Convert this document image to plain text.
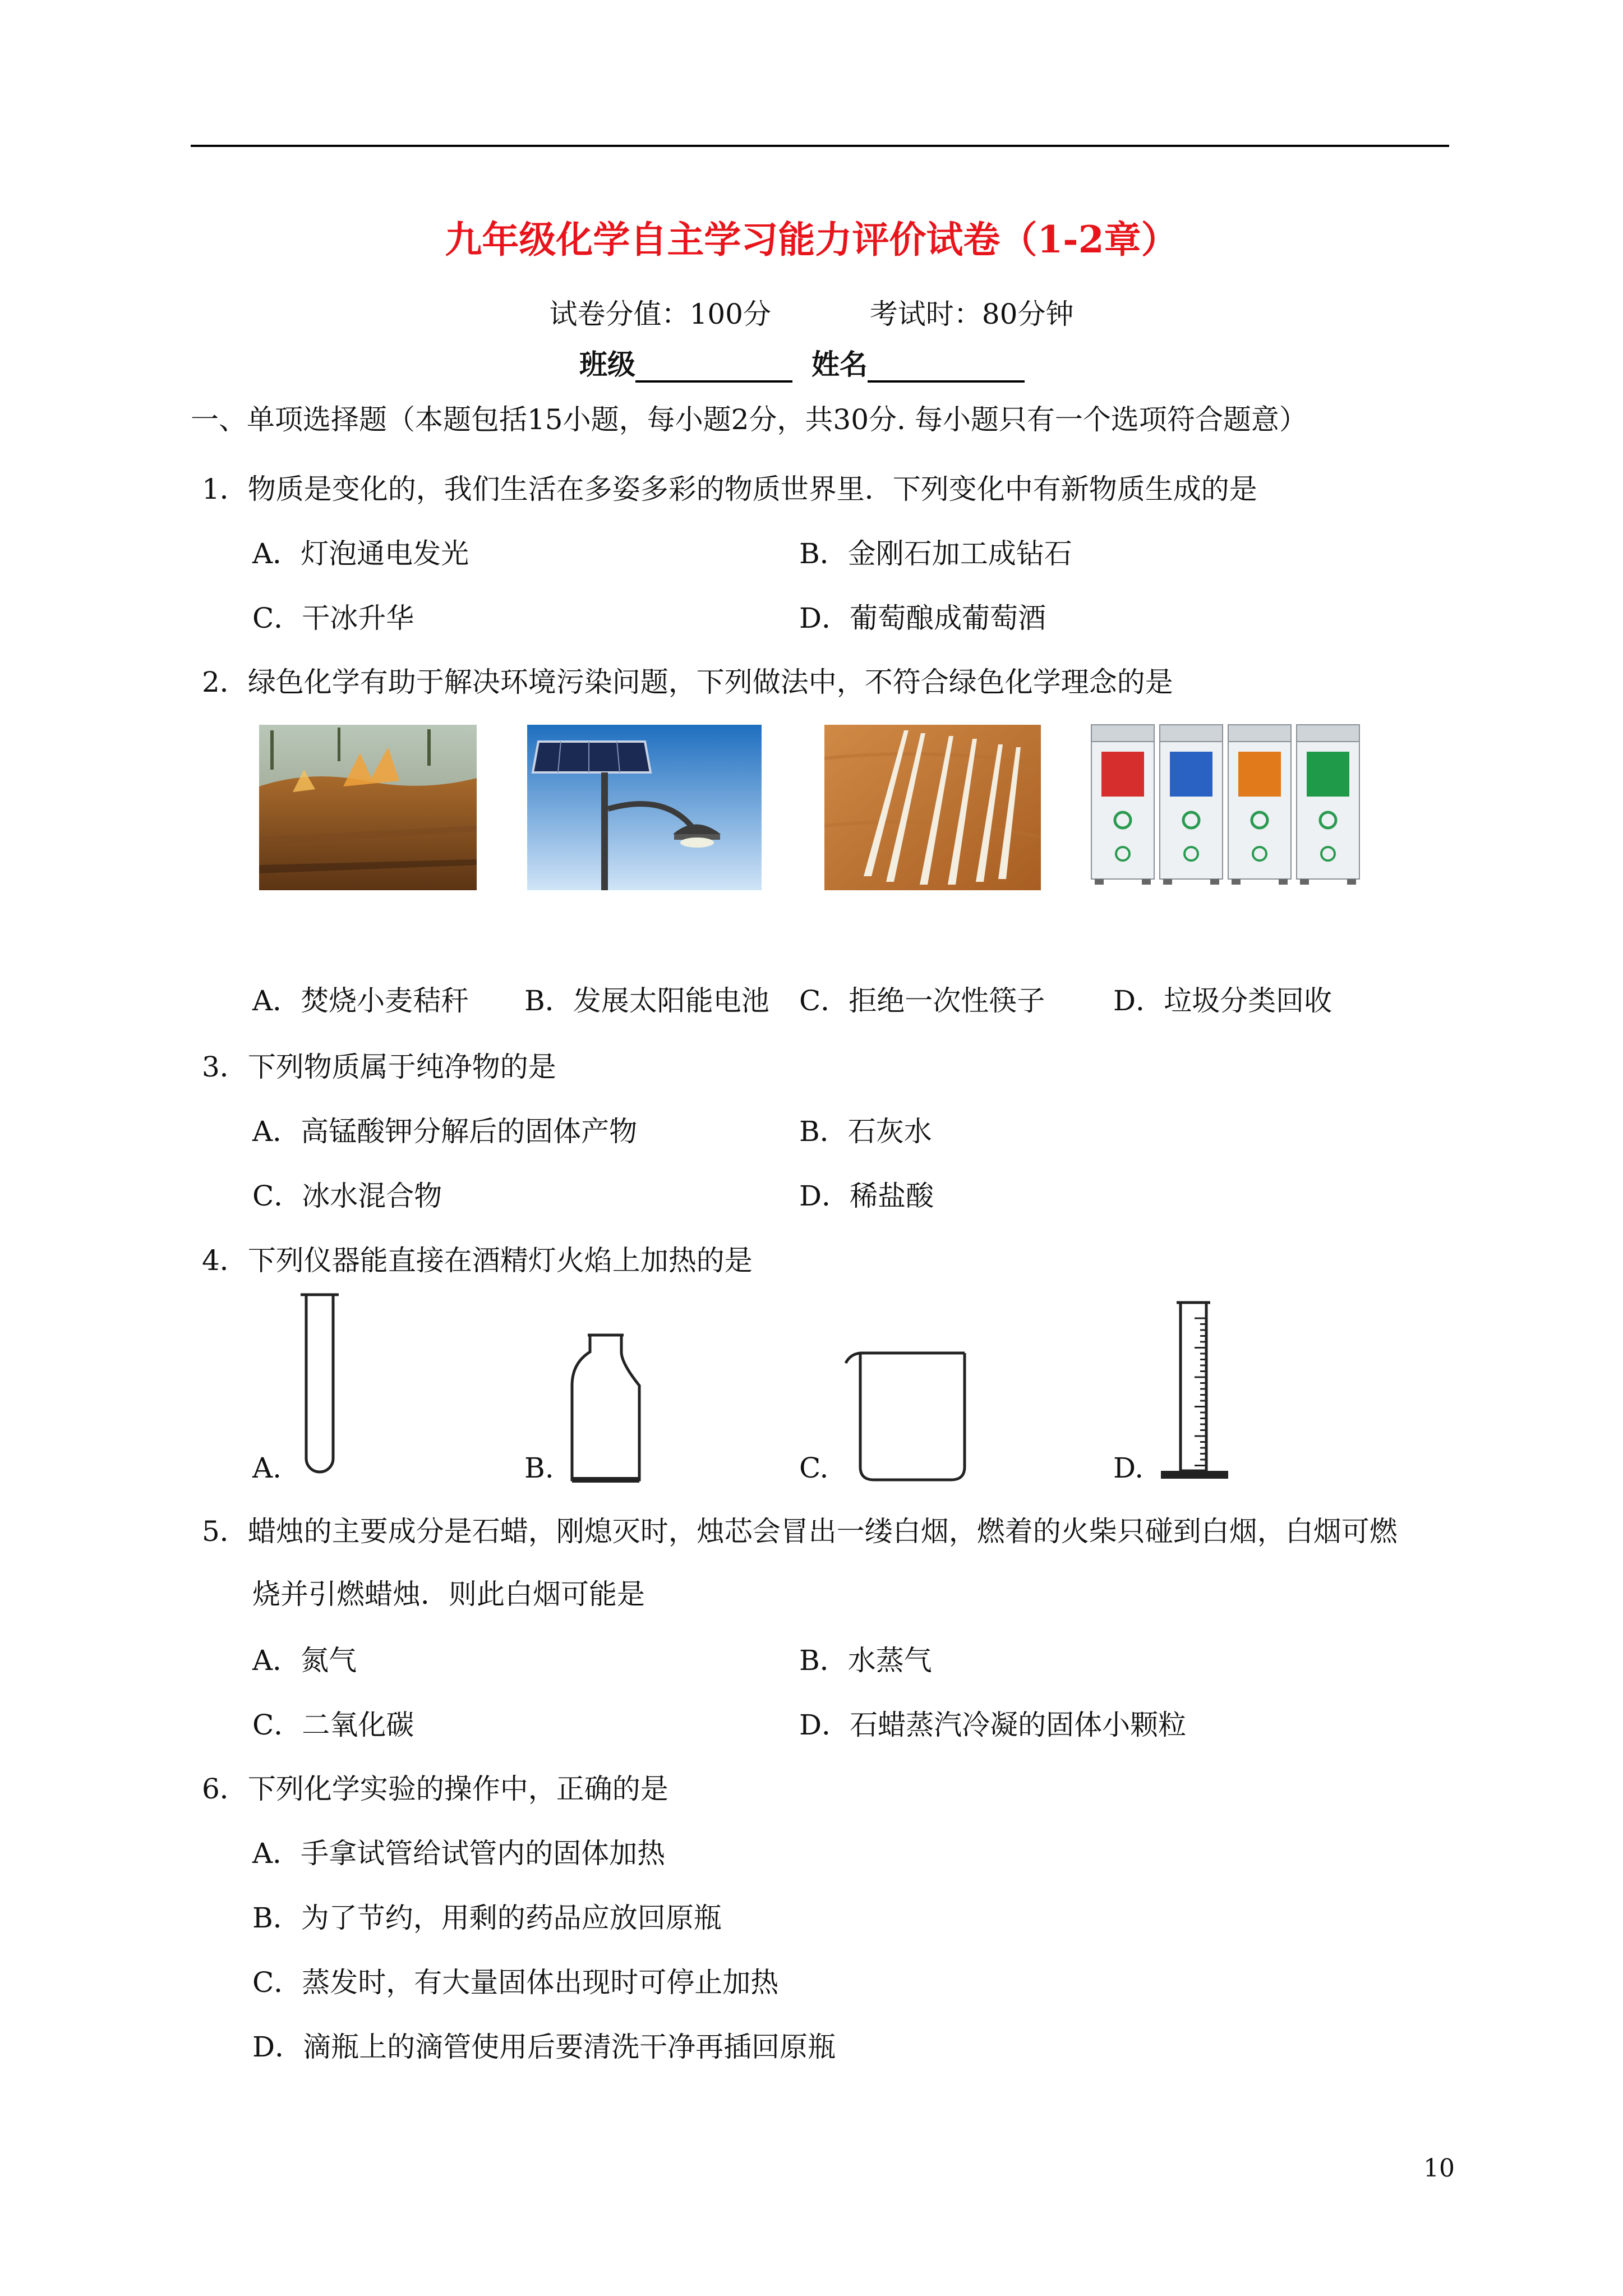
九年级化学自主学习能力评价试卷（1-2章）
试卷分值：100分	考试时：80分钟
班级	姓名
一、单项选择题（本题包括15小题，每小题2分，共30分. 每小题只有一个选项符合题意）
1．物质是变化的，我们生活在多姿多彩的物质世界里．下列变化中有新物质生成的是
A．灯泡通电发光	B．金刚石加工成钻石
C．干冰升华	D．葡萄酿成葡萄酒
2．绿色化学有助于解决环境污染问题，下列做法中，不符合绿色化学理念的是
A．焚烧小麦秸秆 B．发展太阳能电池 C．拒绝一次性筷子 D．垃圾分类回收
3．下列物质属于纯净物的是
A．高锰酸钾分解后的固体产物	B．石灰水
C．冰水混合物	D．稀盐酸
4．下列仪器能直接在酒精灯火焰上加热的是
A.	B.	C.	D.
5．蜡烛的主要成分是石蜡，刚熄灭时，烛芯会冒出一缕白烟，燃着的火柴只碰到白烟，白烟可燃
烧并引燃蜡烛．则此白烟可能是
A．氮气	B．水蒸气
C．二氧化碳	D．石蜡蒸汽冷凝的固体小颗粒
6．下列化学实验的操作中，正确的是
A．手拿试管给试管内的固体加热
B．为了节约，用剩的药品应放回原瓶
C．蒸发时，有大量固体出现时可停止加热
D．滴瓶上的滴管使用后要清洗干净再插回原瓶
10
